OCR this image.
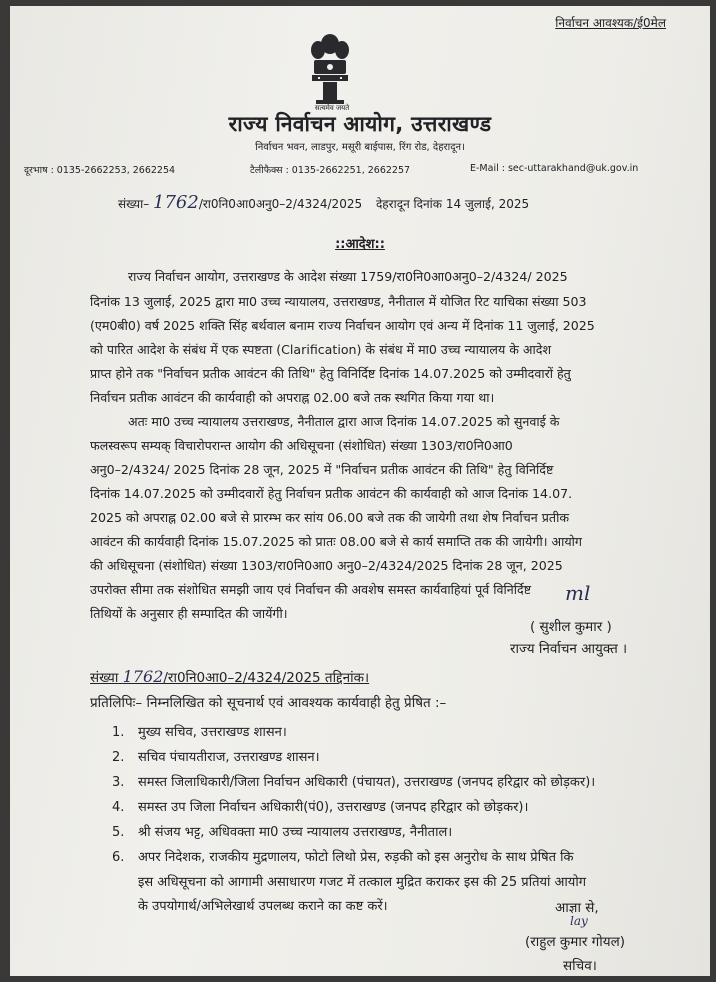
निर्वाचन आवश्यक/ई0मेल
सत्यमेव जयते
राज्य निर्वाचन आयोग, उत्तराखण्ड
निर्वाचन भवन, लाडपुर, मसूरी बाईपास, रिंग रोड, देहरादून।
दूरभाष : 0135-2662253, 2662254	टैलीफैक्स : 0135-2662251, 2662257	E-Mail : sec-uttarakhand@uk.gov.in
संख्या– 1762/रा0नि0आ0अनु0–2/4324/2025 देहरादून दिनांक 14 जुलाई, 2025
::आदेश::
राज्य निर्वाचन आयोग, उत्तराखण्ड के आदेश संख्या 1759/रा0नि0आ0अनु0–2/4324/ 2025
दिनांक 13 जुलाई, 2025 द्वारा मा0 उच्च न्यायालय, उत्तराखण्ड, नैनीताल में योजित रिट याचिका संख्या 503
(एम0बी0) वर्ष 2025 शक्ति सिंह बर्थवाल बनाम राज्य निर्वाचन आयोग एवं अन्य में दिनांक 11 जुलाई, 2025
को पारित आदेश के संबंध में एक स्पष्टता (Clarification) के संबंध में मा0 उच्च न्यायालय के आदेश
प्राप्त होने तक "निर्वाचन प्रतीक आवंटन की तिथि" हेतु विनिर्दिष्ट दिनांक 14.07.2025 को उम्मीदवारों हेतु
निर्वाचन प्रतीक आवंटन की कार्यवाही को अपराह्न 02.00 बजे तक स्थगित किया गया था।
अतः मा0 उच्च न्यायालय उत्तराखण्ड, नैनीताल द्वारा आज दिनांक 14.07.2025 को सुनवाई के
फलस्वरूप सम्यक् विचारोपरान्त आयोग की अधिसूचना (संशोधित) संख्या 1303/रा0नि0आ0
अनु0–2/4324/ 2025 दिनांक 28 जून, 2025 में "निर्वाचन प्रतीक आवंटन की तिथि" हेतु विनिर्दिष्ट
दिनांक 14.07.2025 को उम्मीदवारों हेतु निर्वाचन प्रतीक आवंटन की कार्यवाही को आज दिनांक 14.07.
2025 को अपराह्न 02.00 बजे से प्रारम्भ कर सांय 06.00 बजे तक की जायेगी तथा शेष निर्वाचन प्रतीक
आवंटन की कार्यवाही दिनांक 15.07.2025 को प्रातः 08.00 बजे से कार्य समाप्ति तक की जायेगी। आयोग
की अधिसूचना (संशोधित) संख्या 1303/रा0नि0आ0 अनु0–2/4324/2025 दिनांक 28 जून, 2025
उपरोक्त सीमा तक संशोधित समझी जाय एवं निर्वाचन की अवशेष समस्त कार्यवाहियां पूर्व विनिर्दिष्ट
तिथियों के अनुसार ही सम्पादित की जायेंगी।
ml
( सुशील कुमार )
राज्य निर्वाचन आयुक्त ।
संख्या 1762/रा0नि0आ0–2/4324/2025 तद्दिनांक।
प्रतिलिपिः– निम्नलिखित को सूचनार्थ एवं आवश्यक कार्यवाही हेतु प्रेषित :–
1. मुख्य सचिव, उत्तराखण्ड शासन।
2. सचिव पंचायतीराज, उत्तराखण्ड शासन।
3. समस्त जिलाधिकारी/जिला निर्वाचन अधिकारी (पंचायत), उत्तराखण्ड (जनपद हरिद्वार को छोड़कर)।
4. समस्त उप जिला निर्वाचन अधिकारी(पं0), उत्तराखण्ड (जनपद हरिद्वार को छोड़कर)।
5. श्री संजय भट्ट, अधिवक्ता मा0 उच्च न्यायालय उत्तराखण्ड, नैनीताल।
6. अपर निदेशक, राजकीय मुद्रणालय, फोटो लिथो प्रेस, रुड़की को इस अनुरोध के साथ प्रेषित कि
इस अधिसूचना को आगामी असाधारण गजट में तत्काल मुद्रित कराकर इस की 25 प्रतियां आयोग
के उपयोगार्थ/अभिलेखार्थ उपलब्ध कराने का कष्ट करें।	आज्ञा से,
lay
(राहुल कुमार गोयल)
सचिव।
